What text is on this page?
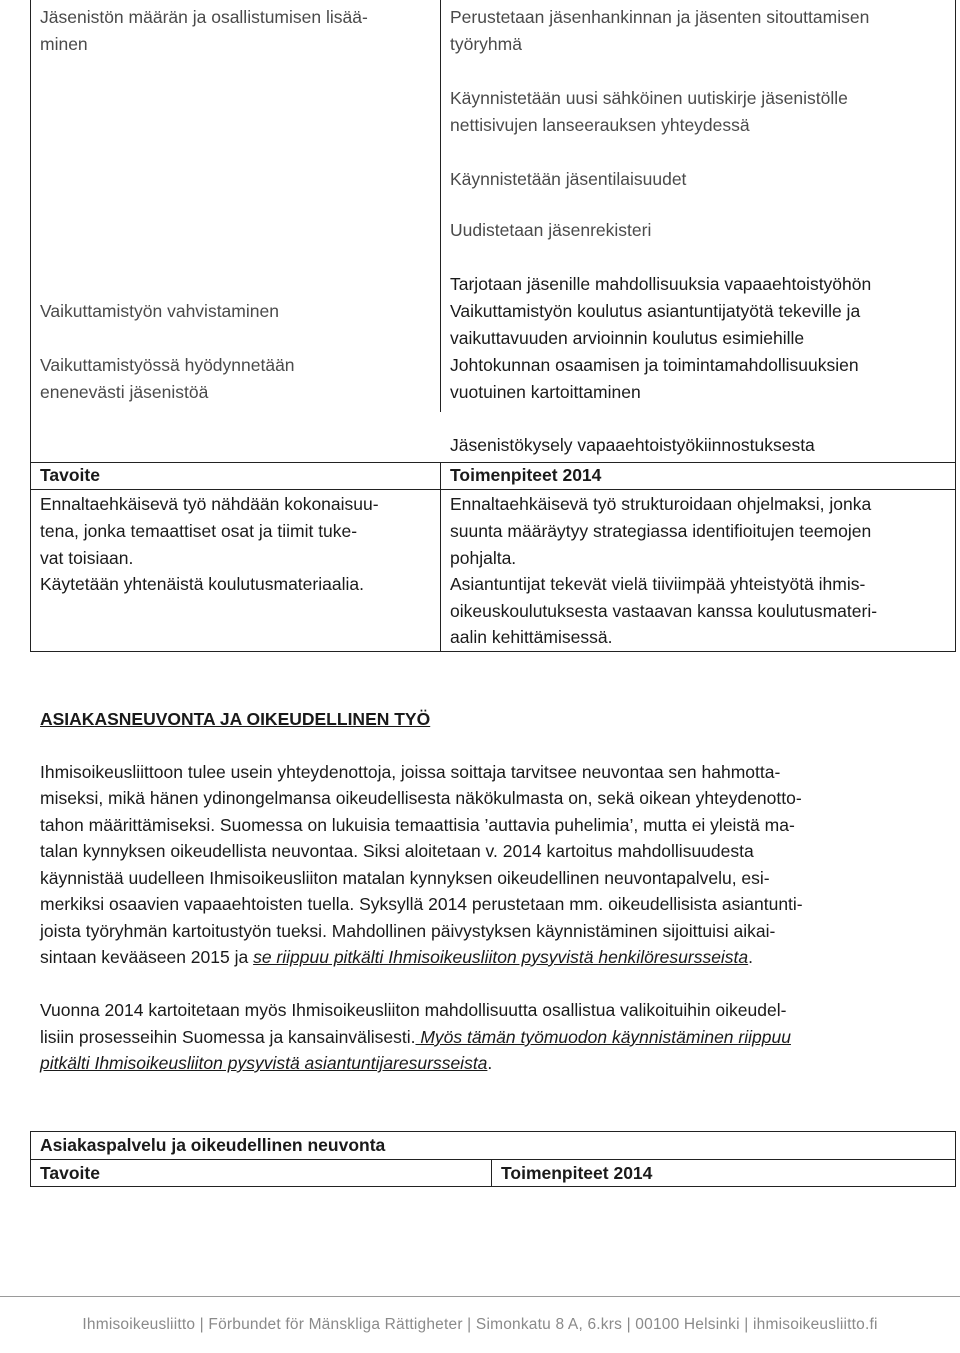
Jäsenistön määrän ja osallistumisen lisää-
minen
Perustetaan jäsenhankinnan ja jäsenten sitouttamisen
työryhmä
Käynnistetään uusi sähköinen uutiskirje jäsenistölle
nettisivujen lanseerauksen yhteydessä
Käynnistetään jäsentilaisuudet
Uudistetaan jäsenrekisteri
Vaikuttamistyön vahvistaminen
Vaikuttamistyössä hyödynnetään
enenevästi jäsenistöä
Tarjotaan jäsenille mahdollisuuksia vapaaehtoistyöhön
Vaikuttamistyön koulutus asiantuntijatyötä tekeville ja
vaikuttavuuden arvioinnin koulutus esimiehille
Johtokunnan osaamisen ja toimintamahdollisuuksien
vuotuinen kartoittaminen
Jäsenistökysely vapaaehtoistyökiinnostuksesta
Tavoite	Toimenpiteet 2014
Ennaltaehkäisevä työ nähdään kokonaisuu-
tena, jonka temaattiset osat ja tiimit tuke-
vat toisiaan.
Käytetään yhtenäistä koulutusmateriaalia.
Ennaltaehkäisevä työ strukturoidaan ohjelmaksi, jonka
suunta määräytyy strategiassa identifioitujen teemojen
pohjalta.
Asiantuntijat tekevät vielä tiiviimpää yhteistyötä ihmis-
oikeuskoulutuksesta vastaavan kanssa koulutusmateri-
aalin kehittämisessä.
ASIAKASNEUVONTA JA OIKEUDELLINEN TYÖ
Ihmisoikeusliittoon tulee usein yhteydenottoja, joissa soittaja tarvitsee neuvontaa sen hahmotta-
miseksi, mikä hänen ydinongelmansa oikeudellisesta näkökulmasta on, sekä oikean yhteydenotto-
tahon määrittämiseksi. Suomessa on lukuisia temaattisia ’auttavia puhelimia’, mutta ei yleistä ma-
talan kynnyksen oikeudellista neuvontaa. Siksi aloitetaan v. 2014 kartoitus mahdollisuudesta
käynnistää uudelleen Ihmisoikeusliiton matalan kynnyksen oikeudellinen neuvontapalvelu, esi-
merkiksi osaavien vapaaehtoisten tuella. Syksyllä 2014 perustetaan mm. oikeudellisista asiantunti-
joista työryhmän kartoitustyön tueksi. Mahdollinen päivystyksen käynnistäminen sijoittuisi aikai-
sintaan kevääseen 2015 ja se riippuu pitkälti Ihmisoikeusliiton pysyvistä henkilöresursseista.
Vuonna 2014 kartoitetaan myös Ihmisoikeusliiton mahdollisuutta osallistua valikoituihin oikeudel-
lisiin prosesseihin Suomessa ja kansainvälisesti. Myös tämän työmuodon käynnistäminen riippuu
pitkälti Ihmisoikeusliiton pysyvistä asiantuntijaresursseista.
Asiakaspalvelu ja oikeudellinen neuvonta
Tavoite	Toimenpiteet 2014
Ihmisoikeusliitto | Förbundet för Mänskliga Rättigheter | Simonkatu 8 A, 6.krs | 00100 Helsinki | ihmisoikeusliitto.fi
